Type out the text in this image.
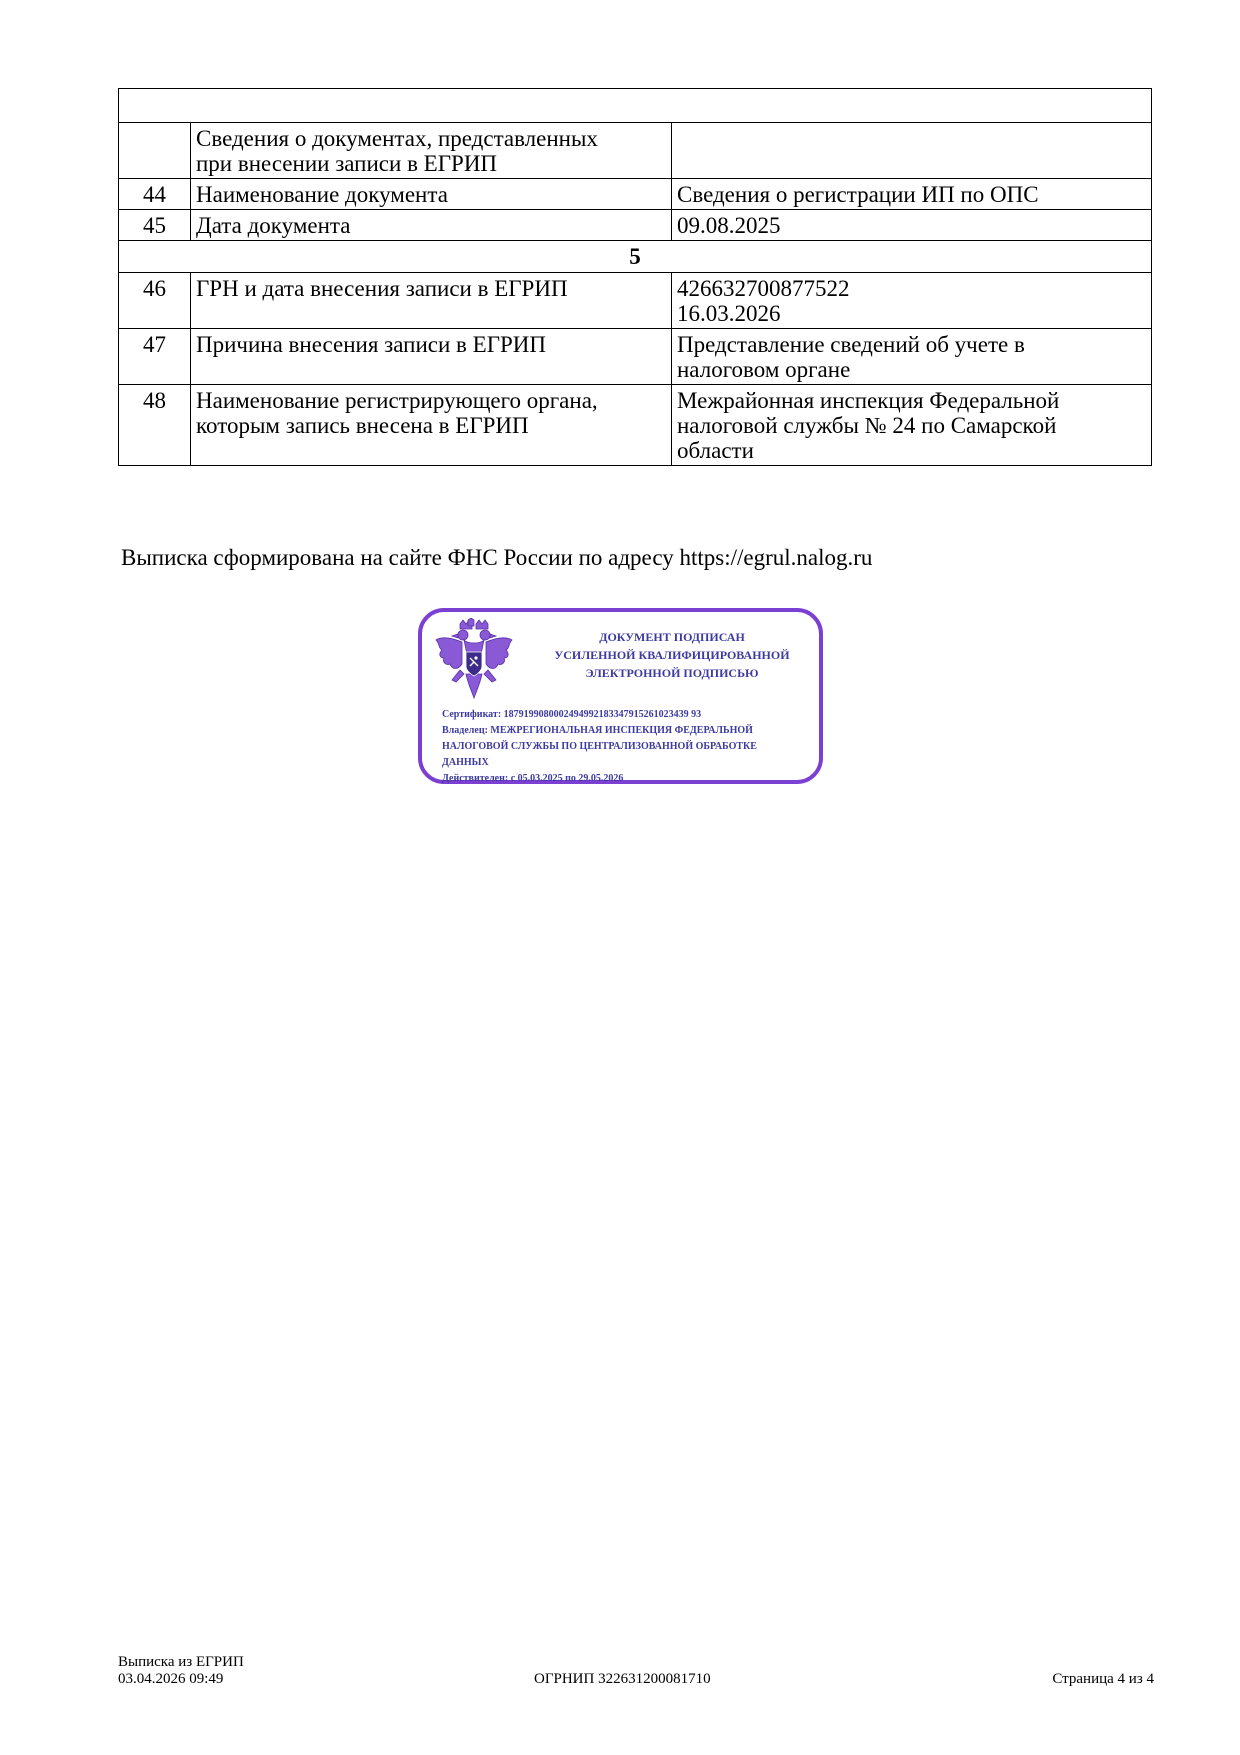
	Сведения о документах, представленных
при внесении записи в ЕГРИП	
44	Наименование документа	Сведения о регистрации ИП по ОПС
45	Дата документа	09.08.2025
5		
46	ГРН и дата внесения записи в ЕГРИП	426632700877522
16.03.2026
47	Причина внесения записи в ЕГРИП	Представление сведений об учете в
налоговом органе
48	Наименование регистрирующего органа,
которым запись внесена в ЕГРИП	Межрайонная инспекция Федеральной
налоговой службы № 24 по Самарской
области
Выписка сформирована на сайте ФНС России по адресу https://egrul.nalog.ru
ДОКУМЕНТ ПОДПИСАН
УСИЛЕННОЙ КВАЛИФИЦИРОВАННОЙ
ЭЛЕКТРОННОЙ ПОДПИСЬЮ
Сертификат: 1879199080002494992183347915261023439 93
Владелец: МЕЖРЕГИОНАЛЬНАЯ ИНСПЕКЦИЯ ФЕДЕРАЛЬНОЙ
НАЛОГОВОЙ СЛУЖБЫ ПО ЦЕНТРАЛИЗОВАННОЙ ОБРАБОТКЕ
ДАННЫХ
Действителен: с 05.03.2025 по 29.05.2026
Выписка из ЕГРИП
03.04.2026 09:49	ОГРНИП 322631200081710	Страница 4 из 4
